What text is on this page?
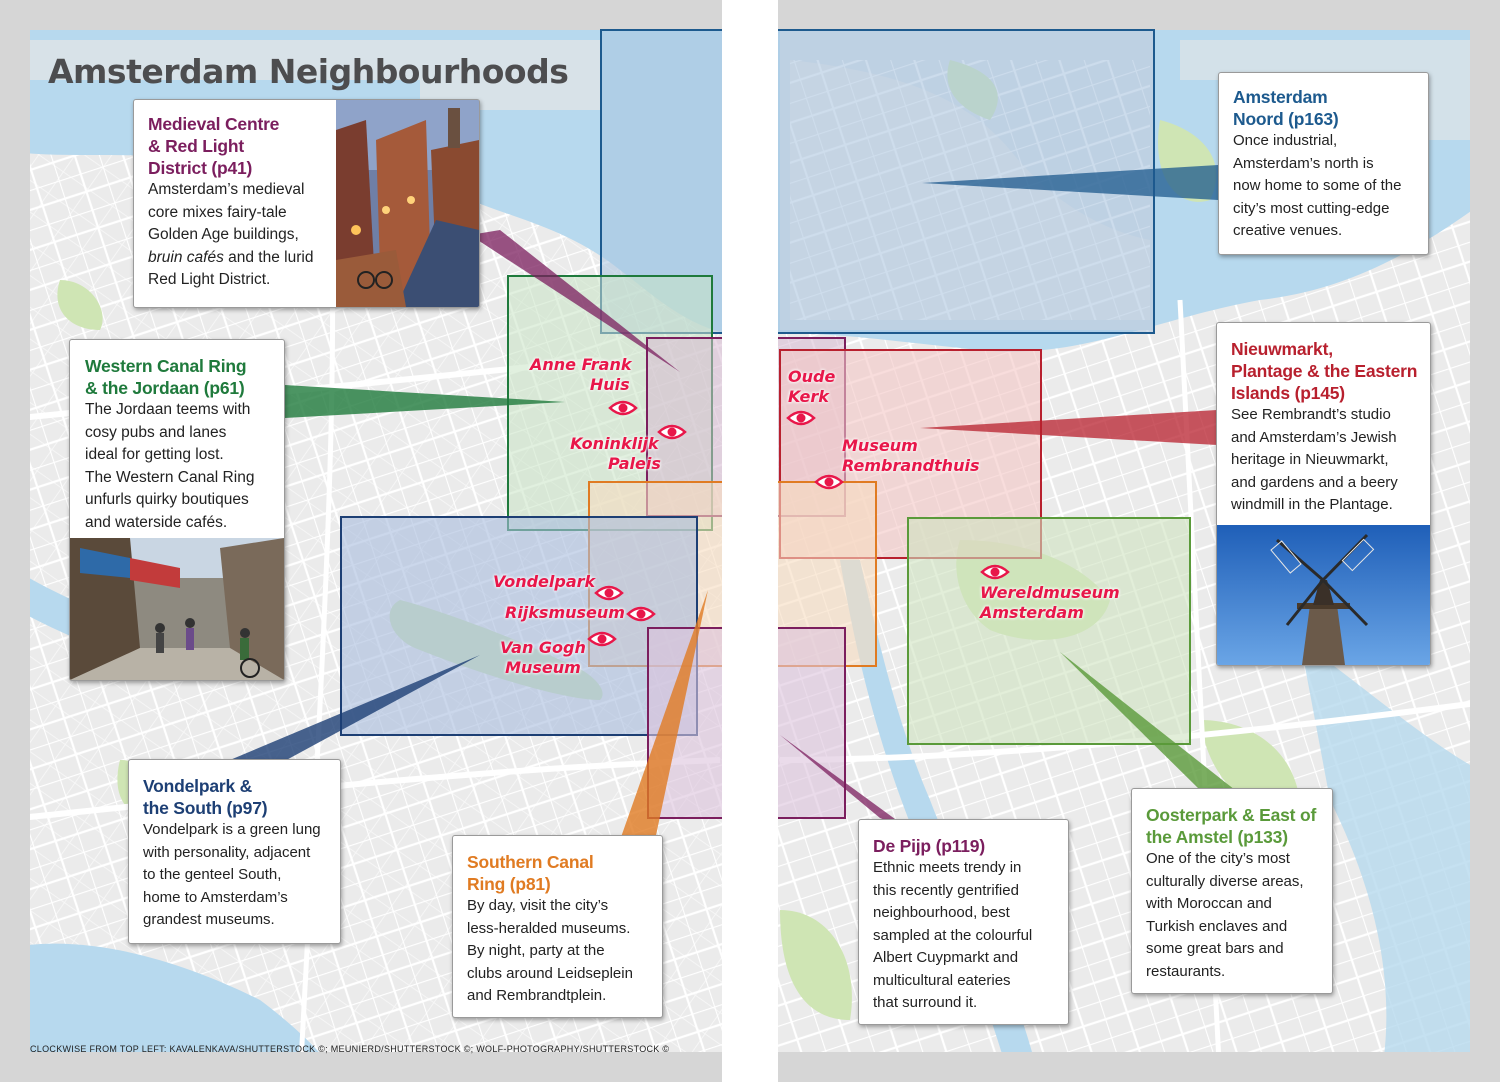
Amsterdam Neighbourhoods
Anne Frank
Huis
Koninklijk
Paleis
Oude
Kerk
Museum
Rembrandthuis
Vondelpark
Rijksmuseum
Van Gogh
Museum
Wereldmuseum
Amsterdam
Medieval Centre
& Red Light
District (p41)
Amsterdam’s medieval
core mixes fairy-tale
Golden Age buildings,
bruin cafés and the lurid
Red Light District.
Western Canal Ring
& the Jordaan (p61)
The Jordaan teems with
cosy pubs and lanes
ideal for getting lost.
The Western Canal Ring
unfurls quirky boutiques
and waterside cafés.
Vondelpark &
the South (p97)
Vondelpark is a green lung
with personality, adjacent
to the genteel South,
home to Amsterdam’s
grandest museums.
Southern Canal
Ring (p81)
By day, visit the city’s
less-heralded museums.
By night, party at the
clubs around Leidseplein
and Rembrandtplein.
De Pijp (p119)
Ethnic meets trendy in
this recently gentrified
neighbourhood, best
sampled at the colourful
Albert Cuypmarkt and
multicultural eateries
that surround it.
Oosterpark & East of
the Amstel (p133)
One of the city’s most
culturally diverse areas,
with Moroccan and
Turkish enclaves and
some great bars and
restaurants.
Nieuwmarkt,
Plantage & the Eastern
Islands (p145)
See Rembrandt’s studio
and Amsterdam’s Jewish
heritage in Nieuwmarkt,
and gardens and a beery
windmill in the Plantage.
Amsterdam
Noord (p163)
Once industrial,
Amsterdam’s north is
now home to some of the
city’s most cutting-edge
creative venues.
CLOCKWISE FROM TOP LEFT: KAVALENKAVA/SHUTTERSTOCK ©; MEUNIERD/SHUTTERSTOCK ©; WOLF-PHOTOGRAPHY/SHUTTERSTOCK ©
